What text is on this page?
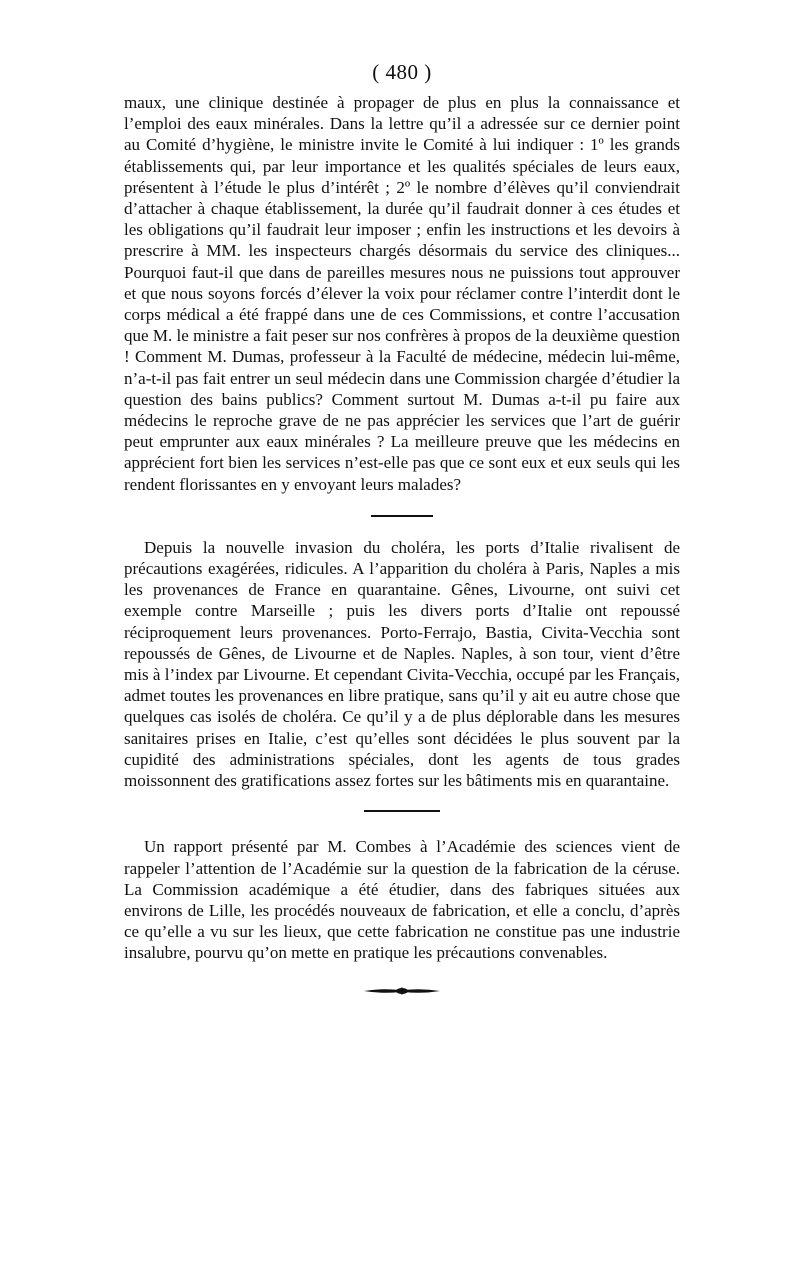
( 480 )

maux, une clinique destinée à propager de plus en plus la connaissance et l’emploi des eaux minérales. Dans la lettre qu’il a adressée sur ce dernier point au Comité d’hygiène, le ministre invite le Comité à lui indiquer : 1º les grands établissements qui, par leur importance et les qualités spéciales de leurs eaux, présentent à l’étude le plus d’intérêt ; 2º le nombre d’élèves qu’il conviendrait d’attacher à chaque établissement, la durée qu’il faudrait donner à ces études et les obligations qu’il faudrait leur imposer ; enfin les instructions et les devoirs à prescrire à MM. les inspecteurs chargés désormais du service des cliniques... Pourquoi faut-il que dans de pareilles mesures nous ne puissions tout approuver et que nous soyons forcés d’élever la voix pour réclamer contre l’interdit dont le corps médical a été frappé dans une de ces Commissions, et contre l’accusation que M. le ministre a fait peser sur nos confrères à propos de la deuxième question ! Comment M. Dumas, professeur à la Faculté de médecine, médecin lui-même, n’a-t-il pas fait entrer un seul médecin dans une Commission chargée d’étudier la question des bains publics? Comment surtout M. Dumas a-t-il pu faire aux médecins le reproche grave de ne pas apprécier les services que l’art de guérir peut emprunter aux eaux minérales ? La meilleure preuve que les médecins en apprécient fort bien les services n’est-elle pas que ce sont eux et eux seuls qui les rendent florissantes en y envoyant leurs malades?

Depuis la nouvelle invasion du choléra, les ports d’Italie rivalisent de précautions exagérées, ridicules. A l’apparition du choléra à Paris, Naples a mis les provenances de France en quarantaine. Gênes, Livourne, ont suivi cet exemple contre Marseille ; puis les divers ports d’Italie ont repoussé réciproquement leurs provenances. Porto-Ferrajo, Bastia, Civita-Vecchia sont repoussés de Gênes, de Livourne et de Naples. Naples, à son tour, vient d’être mis à l’index par Livourne. Et cependant Civita-Vecchia, occupé par les Français, admet toutes les provenances en libre pratique, sans qu’il y ait eu autre chose que quelques cas isolés de choléra. Ce qu’il y a de plus déplorable dans les mesures sanitaires prises en Italie, c’est qu’elles sont décidées le plus souvent par la cupidité des administrations spéciales, dont les agents de tous grades moissonnent des gratifications assez fortes sur les bâtiments mis en quarantaine.

Un rapport présenté par M. Combes à l’Académie des sciences vient de rappeler l’attention de l’Académie sur la question de la fabrication de la céruse. La Commission académique a été étudier, dans des fabriques situées aux environs de Lille, les procédés nouveaux de fabrication, et elle a conclu, d’après ce qu’elle a vu sur les lieux, que cette fabrication ne constitue pas une industrie insalubre, pourvu qu’on mette en pratique les précautions convenables.
